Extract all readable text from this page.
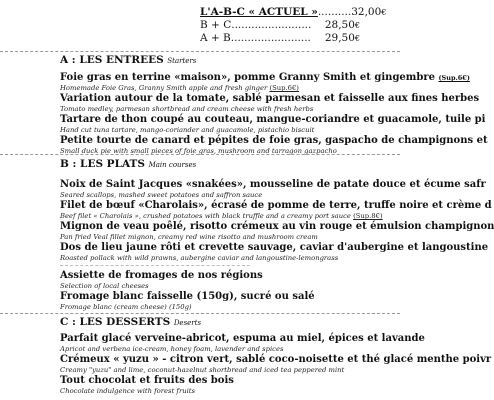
L'A-B-C « ACTUEL » .......... 32,00€
B + C ........................	28,50€
A + B ........................	29,50€
A : LES ENTREES Starters
Foie gras en terrine «maison», pomme Granny Smith et gingembre (Sup.6€)
Homemade Foie Gras, Granny Smith apple and fresh ginger (Sup.6€)
Variation autour de la tomate, sablé parmesan et faisselle aux fines herbes
Tomato medley, parmesan shortbread and cream cheese with fresh herbs
Tartare de thon coupé au couteau, mangue-coriandre et guacamole, tuile pi
Hand cut tuna tartare, mango-coriander and guacamole, pistachio biscuit
Petite tourte de canard et pépites de foie gras, gaspacho de champignons et
Small duck pie with small pieces of foie gras, mushroom and tarragon gazpacho
B : LES PLATS Main courses
Noix de Saint Jacques «snakées», mousseline de patate douce et écume safr
Seared scallops, mashed sweet potatoes and saffron sauce
Filet de bœuf «Charolais», écrasé de pomme de terre, truffe noire et crème d
Beef filet « Charolais », crushed potatoes with black truffle and a creamy port sauce (Sup.8€)
Mignon de veau poêlé, risotto crémeux au vin rouge et émulsion champignon
Pan fried Veal fillet mignon, creamy red wine risotto and mushroom cream
Dos de lieu jaune rôti et crevette sauvage, caviar d'aubergine et langoustine
Roasted pollack with wild prawns, aubergine caviar and langoustine-lemongrass
Assiette de fromages de nos régions
Selection of local cheeses
Fromage blanc faisselle (150g), sucré ou salé
Fromage blanc (cream cheese) (150g)
C : LES DESSERTS Deserts
Parfait glacé verveine-abricot, espuma au miel, épices et lavande
Apricot and verbena ice-cream, honey foam, lavender and spices
Crémeux « yuzu » - citron vert, sablé coco-noisette et thé glacé menthe poivr
Creamy "yuzu" and lime, coconut-hazelnut shortbread and iced tea peppered mint
Tout chocolat et fruits des bois
Chocolate indulgence with forest fruits
